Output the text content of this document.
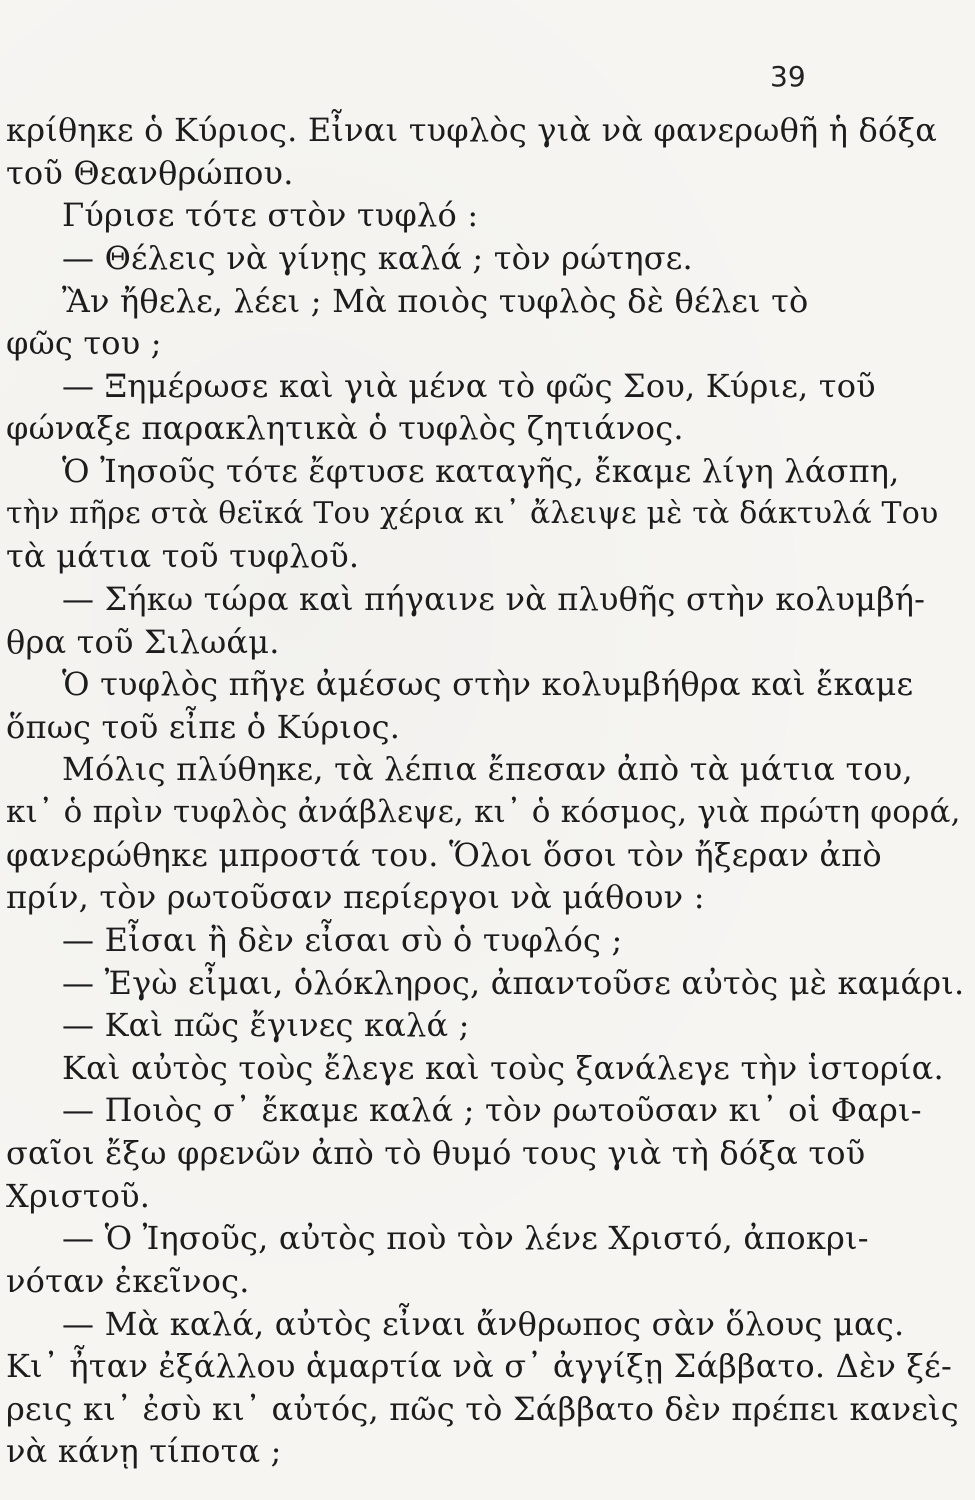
39
κρίθηκε ὁ Κύριος. Εἶναι τυφλὸς γιὰ νὰ φανερωθῆ ἡ δόξα
τοῦ Θεανθρώπου.
Γύρισε τότε στὸν τυφλό :
— Θέλεις νὰ γίνῃς καλά ; τὸν ρώτησε.
Ἂν ἤθελε, λέει ; Μὰ ποιὸς τυφλὸς δὲ θέλει τὸ
φῶς του ;
— Ξημέρωσε καὶ γιὰ μένα τὸ φῶς Σου, Κύριε, τοῦ
φώναξε παρακλητικὰ ὁ τυφλὸς ζητιάνος.
Ὁ Ἰησοῦς τότε ἔφτυσε καταγῆς, ἔκαμε λίγη λάσπη,
τὴν πῆρε στὰ θεϊκά Του χέρια κι᾿ ἄλειψε μὲ τὰ δάκτυλά Του
τὰ μάτια τοῦ τυφλοῦ.
— Σήκω τώρα καὶ πήγαινε νὰ πλυθῆς στὴν κολυμβή-
θρα τοῦ Σιλωάμ.
Ὁ τυφλὸς πῆγε ἀμέσως στὴν κολυμβήθρα καὶ ἔκαμε
ὅπως τοῦ εἶπε ὁ Κύριος.
Μόλις πλύθηκε, τὰ λέπια ἔπεσαν ἀπὸ τὰ μάτια του,
κι᾿ ὁ πρὶν τυφλὸς ἀνάβλεψε, κι᾿ ὁ κόσμος, γιὰ πρώτη φορά,
φανερώθηκε μπροστά του. Ὅλοι ὅσοι τὸν ἤξεραν ἀπὸ
πρίν, τὸν ρωτοῦσαν περίεργοι νὰ μάθουν :
— Εἶσαι ἢ δὲν εἶσαι σὺ ὁ τυφλός ;
— Ἐγὼ εἶμαι, ὁλόκληρος, ἀπαντοῦσε αὐτὸς μὲ καμάρι.
— Καὶ πῶς ἔγινες καλά ;
Καὶ αὐτὸς τοὺς ἔλεγε καὶ τοὺς ξανάλεγε τὴν ἱστορία.
— Ποιὸς σ᾿ ἔκαμε καλά ; τὸν ρωτοῦσαν κι᾿ οἱ Φαρι-
σαῖοι ἔξω φρενῶν ἀπὸ τὸ θυμό τους γιὰ τὴ δόξα τοῦ
Χριστοῦ.
— Ὁ Ἰησοῦς, αὐτὸς ποὺ τὸν λένε Χριστό, ἀποκρι-
νόταν ἐκεῖνος.
— Μὰ καλά, αὐτὸς εἶναι ἄνθρωπος σὰν ὅλους μας.
Κι᾿ ἦταν ἐξάλλου ἁμαρτία νὰ σ᾿ ἀγγίξῃ Σάββατο. Δὲν ξέ-
ρεις κι᾿ ἐσὺ κι᾿ αὐτός, πῶς τὸ Σάββατο δὲν πρέπει κανεὶς
νὰ κάνῃ τίποτα ;
